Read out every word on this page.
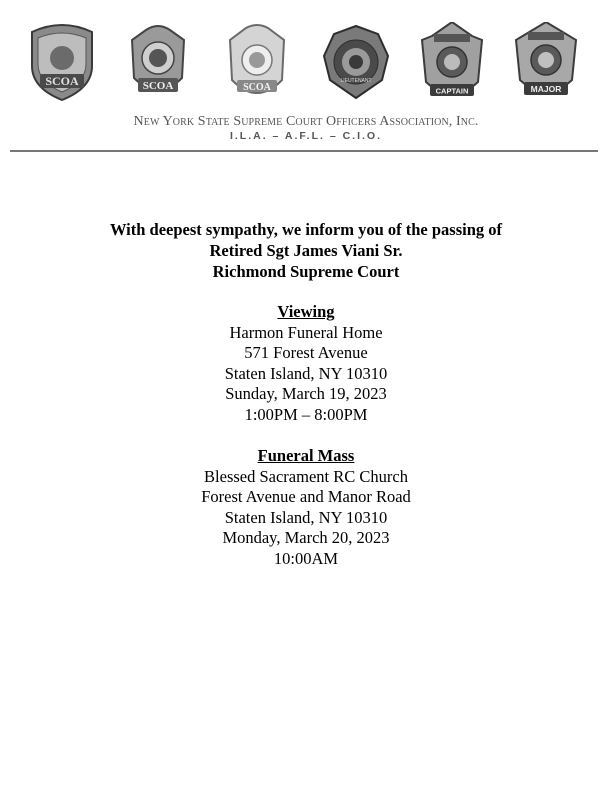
SCOA	SCOA	SCOA
LIEUTENANT
CAPTAIN	MAJOR
New York State Supreme Court Officers Association, Inc.
I.L.A. – A.F.L. – C.I.O.
With deepest sympathy, we inform you of the passing of
Retired Sgt James Viani Sr.
Richmond Supreme Court
Viewing
Harmon Funeral Home
571 Forest Avenue
Staten Island, NY 10310
Sunday, March 19, 2023
1:00PM – 8:00PM
Funeral Mass
Blessed Sacrament RC Church
Forest Avenue and Manor Road
Staten Island, NY 10310
Monday, March 20, 2023
10:00AM
